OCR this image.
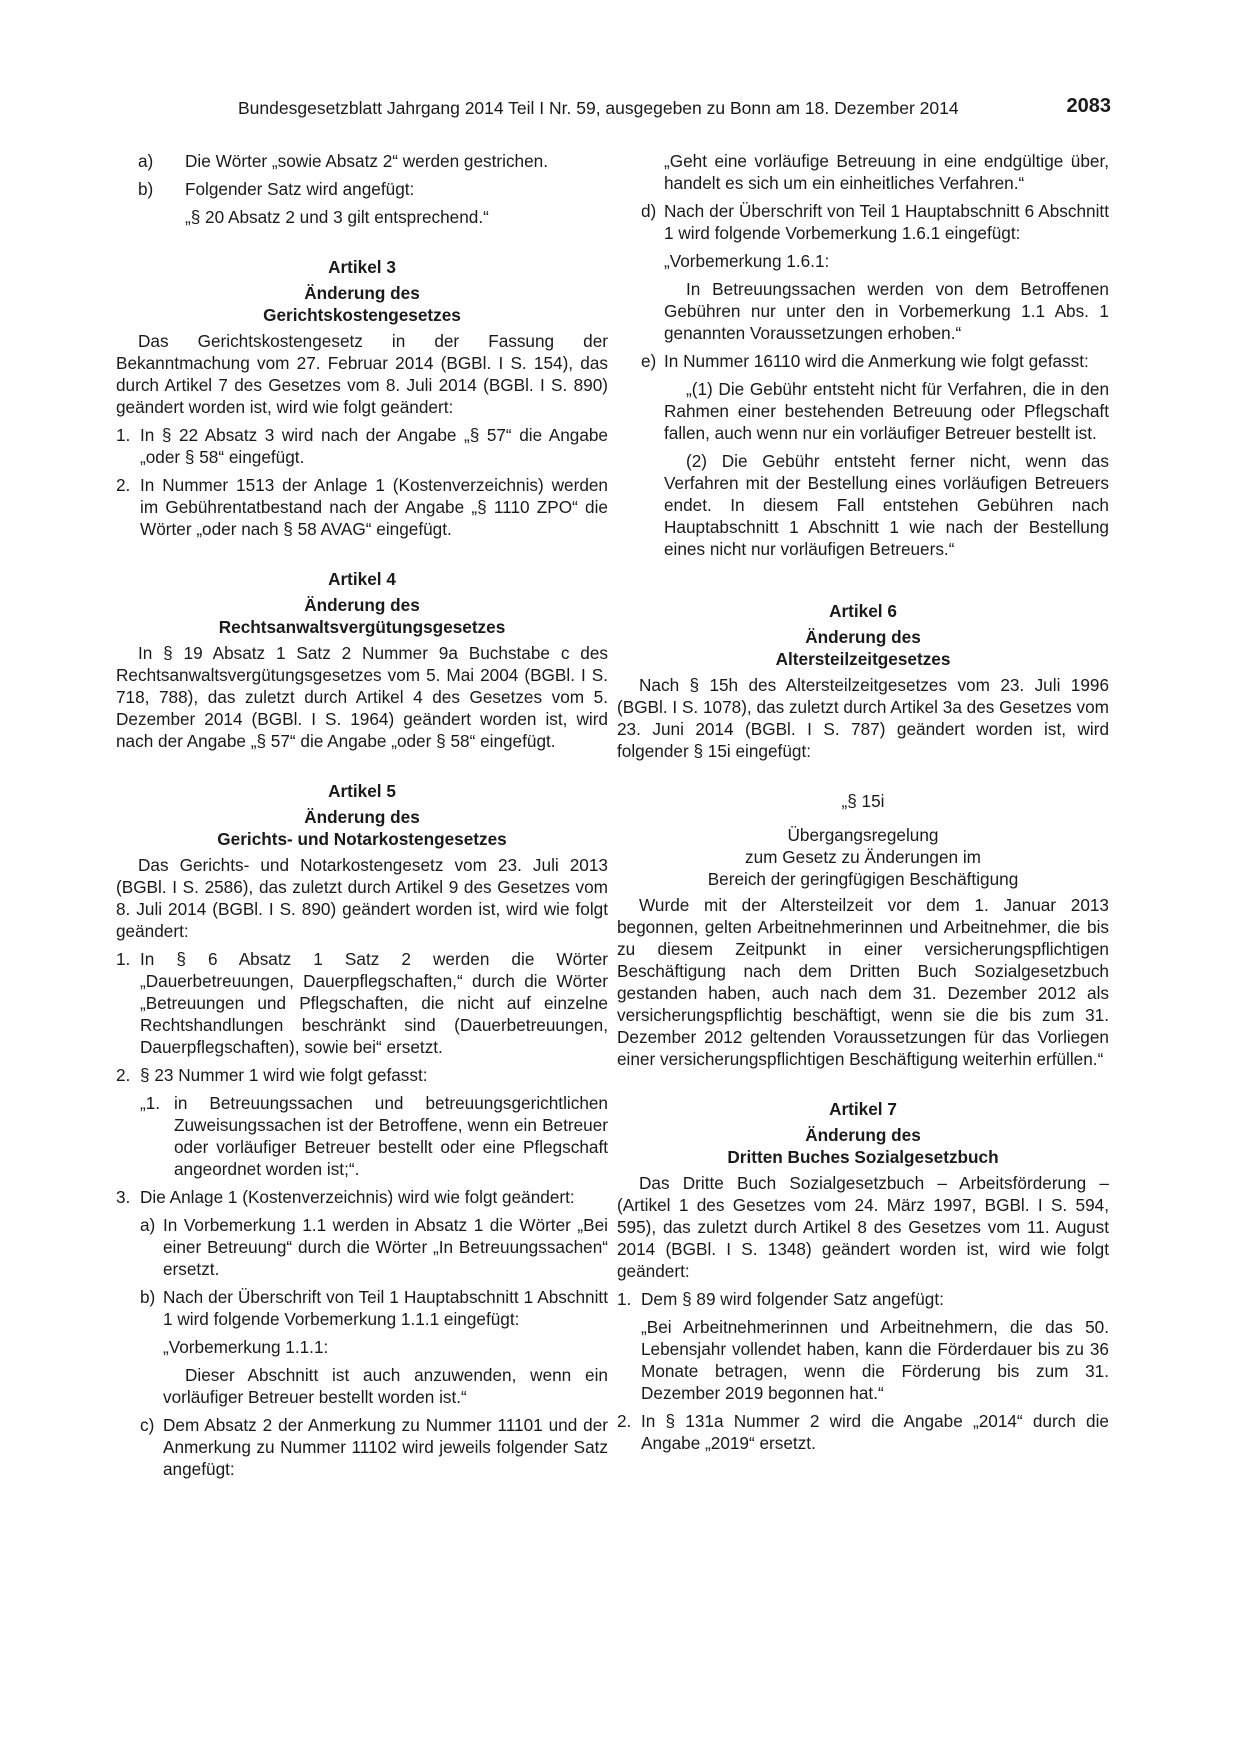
Bundesgesetzblatt Jahrgang 2014 Teil I Nr. 59, ausgegeben zu Bonn am 18. Dezember 2014	2083
a) Die Wörter „sowie Absatz 2“ werden gestrichen.

b) Folgender Satz wird angefügt:

„§ 20 Absatz 2 und 3 gilt entsprechend.“

Artikel 3

Änderung des

Gerichtskostengesetzes

Das Gerichtskostengesetz in der Fassung der Bekanntmachung vom 27. Februar 2014 (BGBl. I S. 154), das durch Artikel 7 des Gesetzes vom 8. Juli 2014 (BGBl. I S. 890) geändert worden ist, wird wie folgt geändert:

1. In § 22 Absatz 3 wird nach der Angabe „§ 57“ die Angabe „oder § 58“ eingefügt.

2. In Nummer 1513 der Anlage 1 (Kostenverzeichnis) werden im Gebührentatbestand nach der Angabe „§ 1110 ZPO“ die Wörter „oder nach § 58 AVAG“ eingefügt.

Artikel 4

Änderung des

Rechtsanwaltsvergütungsgesetzes

In § 19 Absatz 1 Satz 2 Nummer 9a Buchstabe c des Rechtsanwaltsvergütungsgesetzes vom 5. Mai 2004 (BGBl. I S. 718, 788), das zuletzt durch Artikel 4 des Gesetzes vom 5. Dezember 2014 (BGBl. I S. 1964) geändert worden ist, wird nach der Angabe „§ 57“ die Angabe „oder § 58“ eingefügt.

Artikel 5

Änderung des

Gerichts- und Notarkostengesetzes

Das Gerichts- und Notarkostengesetz vom 23. Juli 2013 (BGBl. I S. 2586), das zuletzt durch Artikel 9 des Gesetzes vom 8. Juli 2014 (BGBl. I S. 890) geändert worden ist, wird wie folgt geändert:

1. In § 6 Absatz 1 Satz 2 werden die Wörter „Dauerbetreuungen, Dauerpflegschaften,“ durch die Wörter „Betreuungen und Pflegschaften, die nicht auf einzelne Rechtshandlungen beschränkt sind (Dauerbetreuungen, Dauerpflegschaften), sowie bei“ ersetzt.

2. § 23 Nummer 1 wird wie folgt gefasst:

„1. in Betreuungssachen und betreuungsgerichtlichen Zuweisungssachen ist der Betroffene, wenn ein Betreuer oder vorläufiger Betreuer bestellt oder eine Pflegschaft angeordnet worden ist;“.

3. Die Anlage 1 (Kostenverzeichnis) wird wie folgt geändert:

a) In Vorbemerkung 1.1 werden in Absatz 1 die Wörter „Bei einer Betreuung“ durch die Wörter „In Betreuungssachen“ ersetzt.

b) Nach der Überschrift von Teil 1 Hauptabschnitt 1 Abschnitt 1 wird folgende Vorbemerkung 1.1.1 eingefügt:

„Vorbemerkung 1.1.1:

Dieser Abschnitt ist auch anzuwenden, wenn ein vorläufiger Betreuer bestellt worden ist.“

c) Dem Absatz 2 der Anmerkung zu Nummer 11101 und der Anmerkung zu Nummer 11102 wird jeweils folgender Satz angefügt:

„Geht eine vorläufige Betreuung in eine endgültige über, handelt es sich um ein einheitliches Verfahren.“

d) Nach der Überschrift von Teil 1 Hauptabschnitt 6 Abschnitt 1 wird folgende Vorbemerkung 1.6.1 eingefügt:

„Vorbemerkung 1.6.1:

In Betreuungssachen werden von dem Betroffenen Gebühren nur unter den in Vorbemerkung 1.1 Abs. 1 genannten Voraussetzungen erhoben.“

e) In Nummer 16110 wird die Anmerkung wie folgt gefasst:

„(1) Die Gebühr entsteht nicht für Verfahren, die in den Rahmen einer bestehenden Betreuung oder Pflegschaft fallen, auch wenn nur ein vorläufiger Betreuer bestellt ist.

(2) Die Gebühr entsteht ferner nicht, wenn das Verfahren mit der Bestellung eines vorläufigen Betreuers endet. In diesem Fall entstehen Gebühren nach Hauptabschnitt 1 Abschnitt 1 wie nach der Bestellung eines nicht nur vorläufigen Betreuers.“

Artikel 6

Änderung des

Altersteilzeitgesetzes

Nach § 15h des Altersteilzeitgesetzes vom 23. Juli 1996 (BGBl. I S. 1078), das zuletzt durch Artikel 3a des Gesetzes vom 23. Juni 2014 (BGBl. I S. 787) geändert worden ist, wird folgender § 15i eingefügt:

„§ 15i

Übergangsregelung

zum Gesetz zu Änderungen im

Bereich der geringfügigen Beschäftigung

Wurde mit der Altersteilzeit vor dem 1. Januar 2013 begonnen, gelten Arbeitnehmerinnen und Arbeitnehmer, die bis zu diesem Zeitpunkt in einer versicherungspflichtigen Beschäftigung nach dem Dritten Buch Sozialgesetzbuch gestanden haben, auch nach dem 31. Dezember 2012 als versicherungspflichtig beschäftigt, wenn sie die bis zum 31. Dezember 2012 geltenden Voraussetzungen für das Vorliegen einer versicherungspflichtigen Beschäftigung weiterhin erfüllen.“

Artikel 7

Änderung des

Dritten Buches Sozialgesetzbuch

Das Dritte Buch Sozialgesetzbuch – Arbeitsförderung – (Artikel 1 des Gesetzes vom 24. März 1997, BGBl. I S. 594, 595), das zuletzt durch Artikel 8 des Gesetzes vom 11. August 2014 (BGBl. I S. 1348) geändert worden ist, wird wie folgt geändert:

1. Dem § 89 wird folgender Satz angefügt:

„Bei Arbeitnehmerinnen und Arbeitnehmern, die das 50. Lebensjahr vollendet haben, kann die Förderdauer bis zu 36 Monate betragen, wenn die Förderung bis zum 31. Dezember 2019 begonnen hat.“

2. In § 131a Nummer 2 wird die Angabe „2014“ durch die Angabe „2019“ ersetzt.
